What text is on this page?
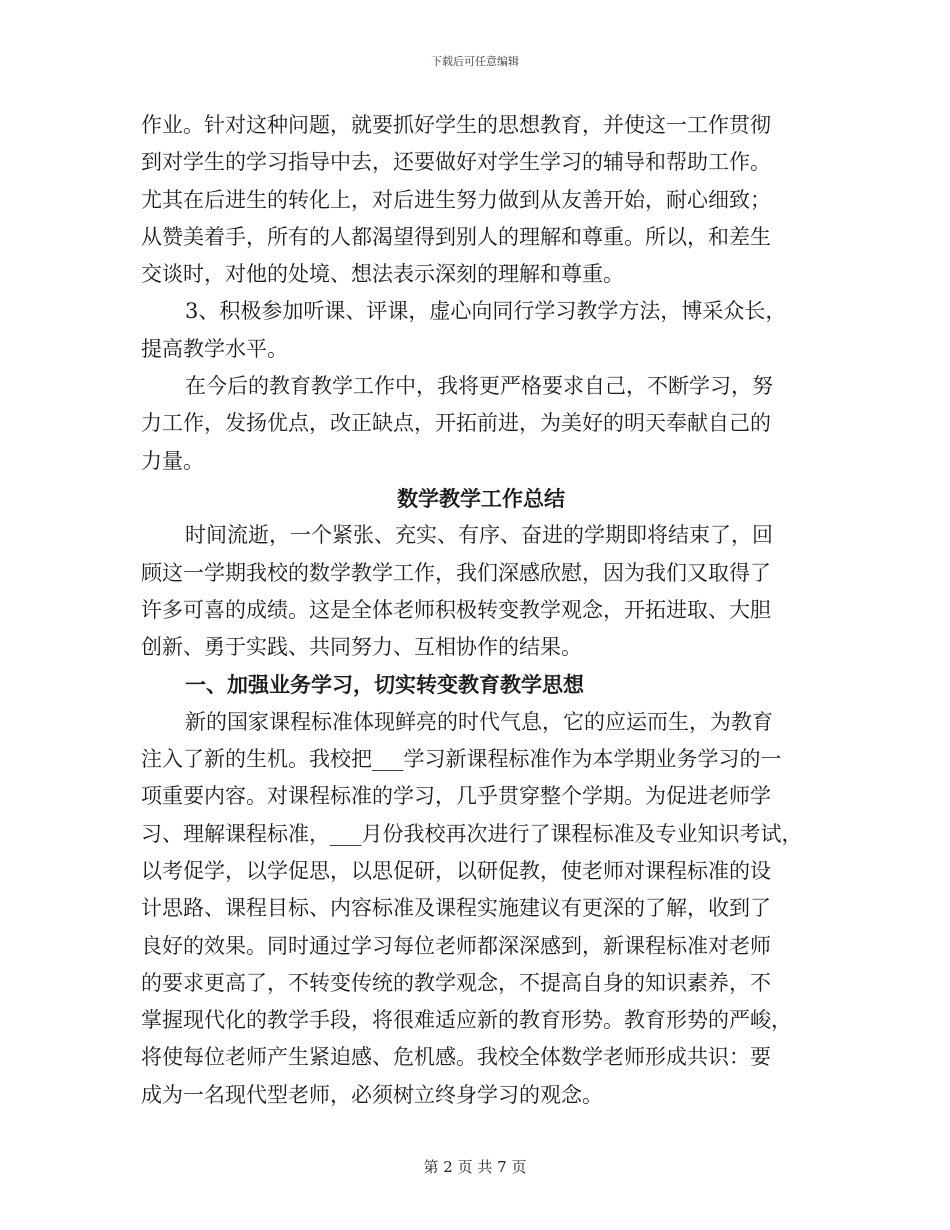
下载后可任意编辑
作业。针对这种问题，就要抓好学生的思想教育，并使这一工作贯彻
到对学生的学习指导中去，还要做好对学生学习的辅导和帮助工作。
尤其在后进生的转化上，对后进生努力做到从友善开始，耐心细致；
从赞美着手，所有的人都渴望得到别人的理解和尊重。所以，和差生
交谈时，对他的处境、想法表示深刻的理解和尊重。
3、积极参加听课、评课，虚心向同行学习教学方法，博采众长，
提高教学水平。
在今后的教育教学工作中，我将更严格要求自己，不断学习，努
力工作，发扬优点，改正缺点，开拓前进，为美好的明天奉献自己的
力量。
数学教学工作总结
时间流逝，一个紧张、充实、有序、奋进的学期即将结束了，回
顾这一学期我校的数学教学工作，我们深感欣慰，因为我们又取得了
许多可喜的成绩。这是全体老师积极转变教学观念，开拓进取、大胆
创新、勇于实践、共同努力、互相协作的结果。
一、加强业务学习，切实转变教育教学思想
新的国家课程标准体现鲜亮的时代气息，它的应运而生，为教育
注入了新的生机。我校把___学习新课程标准作为本学期业务学习的一
项重要内容。对课程标准的学习，几乎贯穿整个学期。为促进老师学
习、理解课程标准，___月份我校再次进行了课程标准及专业知识考试，
以考促学，以学促思，以思促研，以研促教，使老师对课程标准的设
计思路、课程目标、内容标准及课程实施建议有更深的了解，收到了
良好的效果。同时通过学习每位老师都深深感到，新课程标准对老师
的要求更高了，不转变传统的教学观念，不提高自身的知识素养，不
掌握现代化的教学手段，将很难适应新的教育形势。教育形势的严峻，
将使每位老师产生紧迫感、危机感。我校全体数学老师形成共识：要
成为一名现代型老师，必须树立终身学习的观念。
第 2 页 共 7 页
